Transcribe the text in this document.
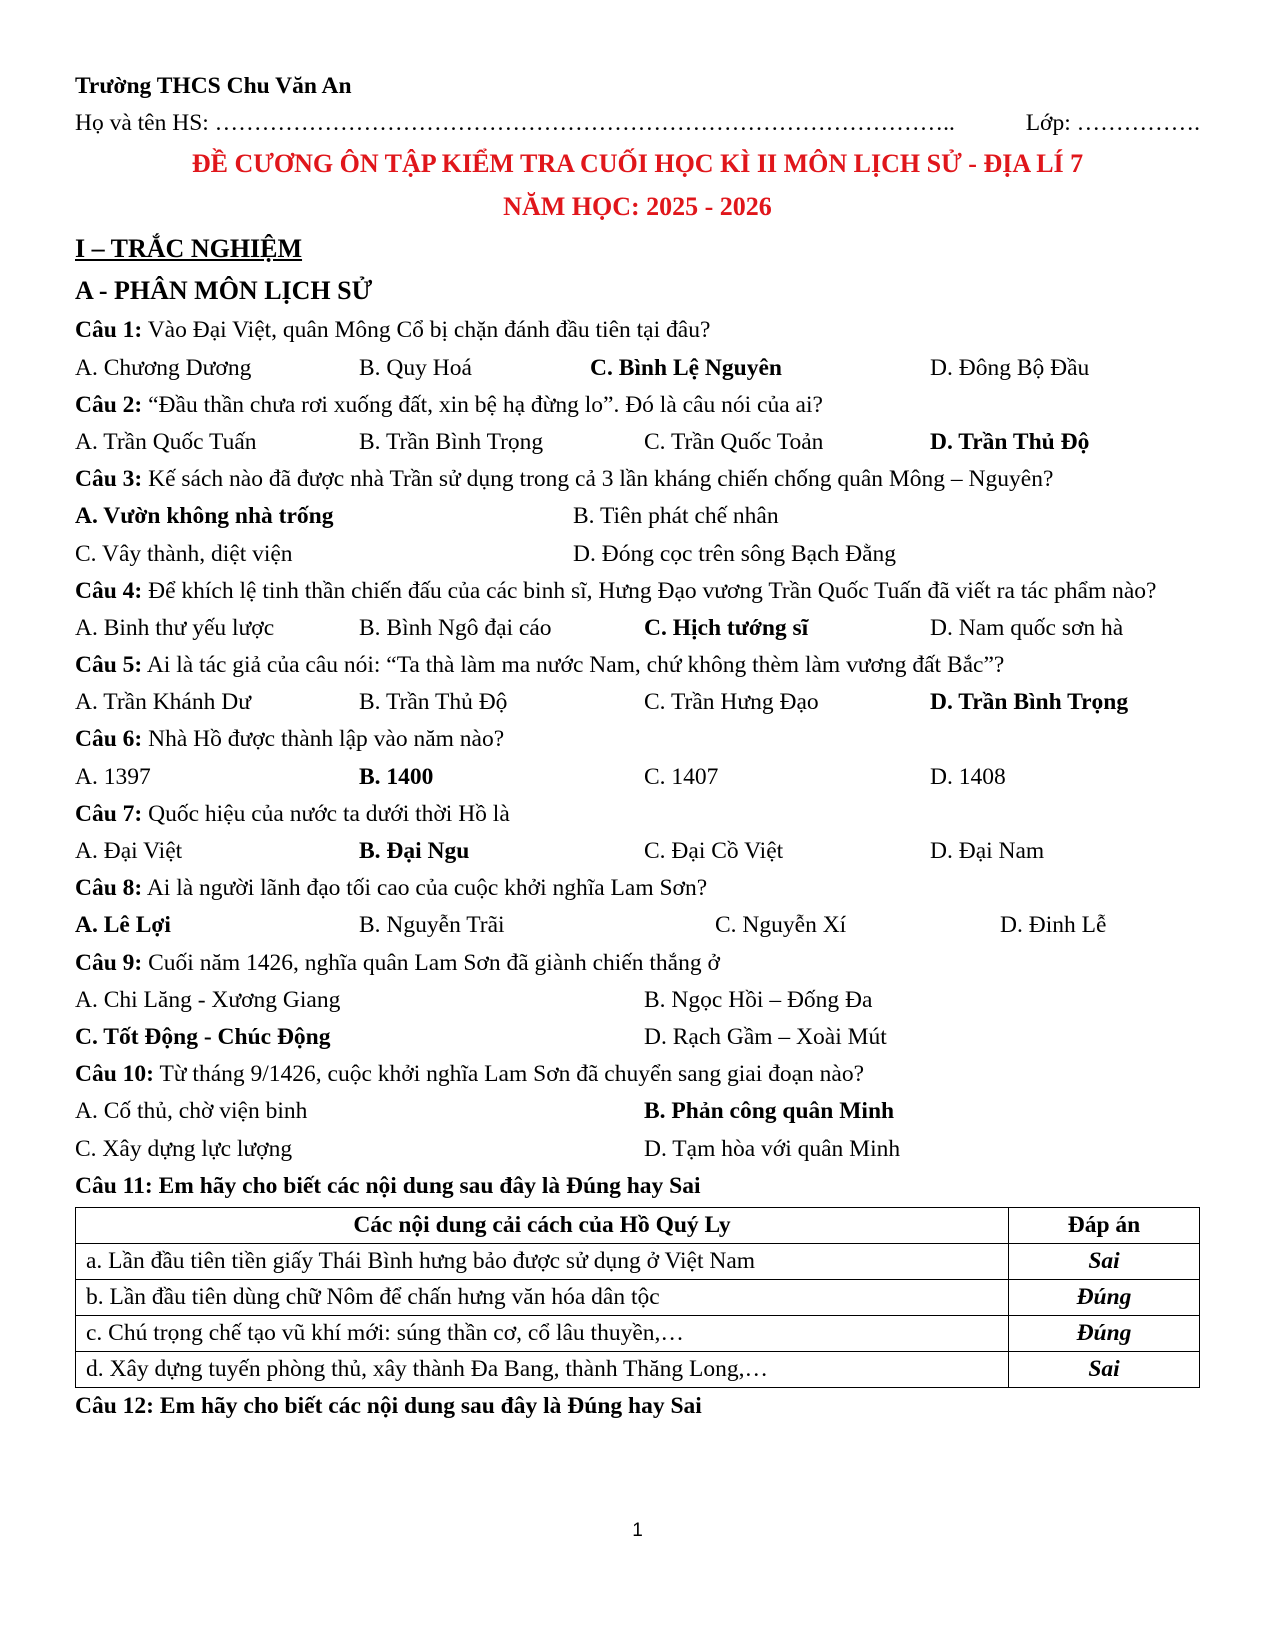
Trường THCS Chu Văn An
Họ và tên HS: …………………………………………………………………………………..	Lớp: …………….
ĐỀ CƯƠNG ÔN TẬP KIỂM TRA CUỐI HỌC KÌ II MÔN LỊCH SỬ - ĐỊA LÍ 7
NĂM HỌC: 2025 - 2026
I – TRẮC NGHIỆM
A - PHÂN MÔN LỊCH SỬ
Câu 1: Vào Đại Việt, quân Mông Cổ bị chặn đánh đầu tiên tại đâu?
A. Chương Dương	B. Quy Hoá	C. Bình Lệ Nguyên	D. Đông Bộ Đầu
Câu 2: “Đầu thần chưa rơi xuống đất, xin bệ hạ đừng lo”. Đó là câu nói của ai?
A. Trần Quốc Tuấn	B. Trần Bình Trọng	C. Trần Quốc Toản	D. Trần Thủ Độ
Câu 3: Kế sách nào đã được nhà Trần sử dụng trong cả 3 lần kháng chiến chống quân Mông – Nguyên?
A. Vườn không nhà trống	B. Tiên phát chế nhân
C. Vây thành, diệt viện	D. Đóng cọc trên sông Bạch Đằng
Câu 4: Để khích lệ tinh thần chiến đấu của các binh sĩ, Hưng Đạo vương Trần Quốc Tuấn đã viết ra tác phẩm nào?
A. Binh thư yếu lược	B. Bình Ngô đại cáo	C. Hịch tướng sĩ	D. Nam quốc sơn hà
Câu 5: Ai là tác giả của câu nói: “Ta thà làm ma nước Nam, chứ không thèm làm vương đất Bắc”?
A. Trần Khánh Dư	B. Trần Thủ Độ	C. Trần Hưng Đạo	D. Trần Bình Trọng
Câu 6: Nhà Hồ được thành lập vào năm nào?
A. 1397	B. 1400	C. 1407	D. 1408
Câu 7: Quốc hiệu của nước ta dưới thời Hồ là
A. Đại Việt	B. Đại Ngu	C. Đại Cồ Việt	D. Đại Nam
Câu 8: Ai là người lãnh đạo tối cao của cuộc khởi nghĩa Lam Sơn?
A. Lê Lợi	B. Nguyễn Trãi	C. Nguyễn Xí	D. Đinh Lễ
Câu 9: Cuối năm 1426, nghĩa quân Lam Sơn đã giành chiến thắng ở
A. Chi Lăng - Xương Giang	B. Ngọc Hồi – Đống Đa
C. Tốt Động - Chúc Động	D. Rạch Gầm – Xoài Mút
Câu 10: Từ tháng 9/1426, cuộc khởi nghĩa Lam Sơn đã chuyển sang giai đoạn nào?
A. Cố thủ, chờ viện binh	B. Phản công quân Minh
C. Xây dựng lực lượng	D. Tạm hòa với quân Minh
Câu 11: Em hãy cho biết các nội dung sau đây là Đúng hay Sai
Các nội dung cải cách của Hồ Quý Ly	Đáp án
a. Lần đầu tiên tiền giấy Thái Bình hưng bảo được sử dụng ở Việt Nam	Sai
b. Lần đầu tiên dùng chữ Nôm để chấn hưng văn hóa dân tộc	Đúng
c. Chú trọng chế tạo vũ khí mới: súng thần cơ, cổ lâu thuyền,…	Đúng
d. Xây dựng tuyến phòng thủ, xây thành Đa Bang, thành Thăng Long,…	Sai
Câu 12: Em hãy cho biết các nội dung sau đây là Đúng hay Sai
1
